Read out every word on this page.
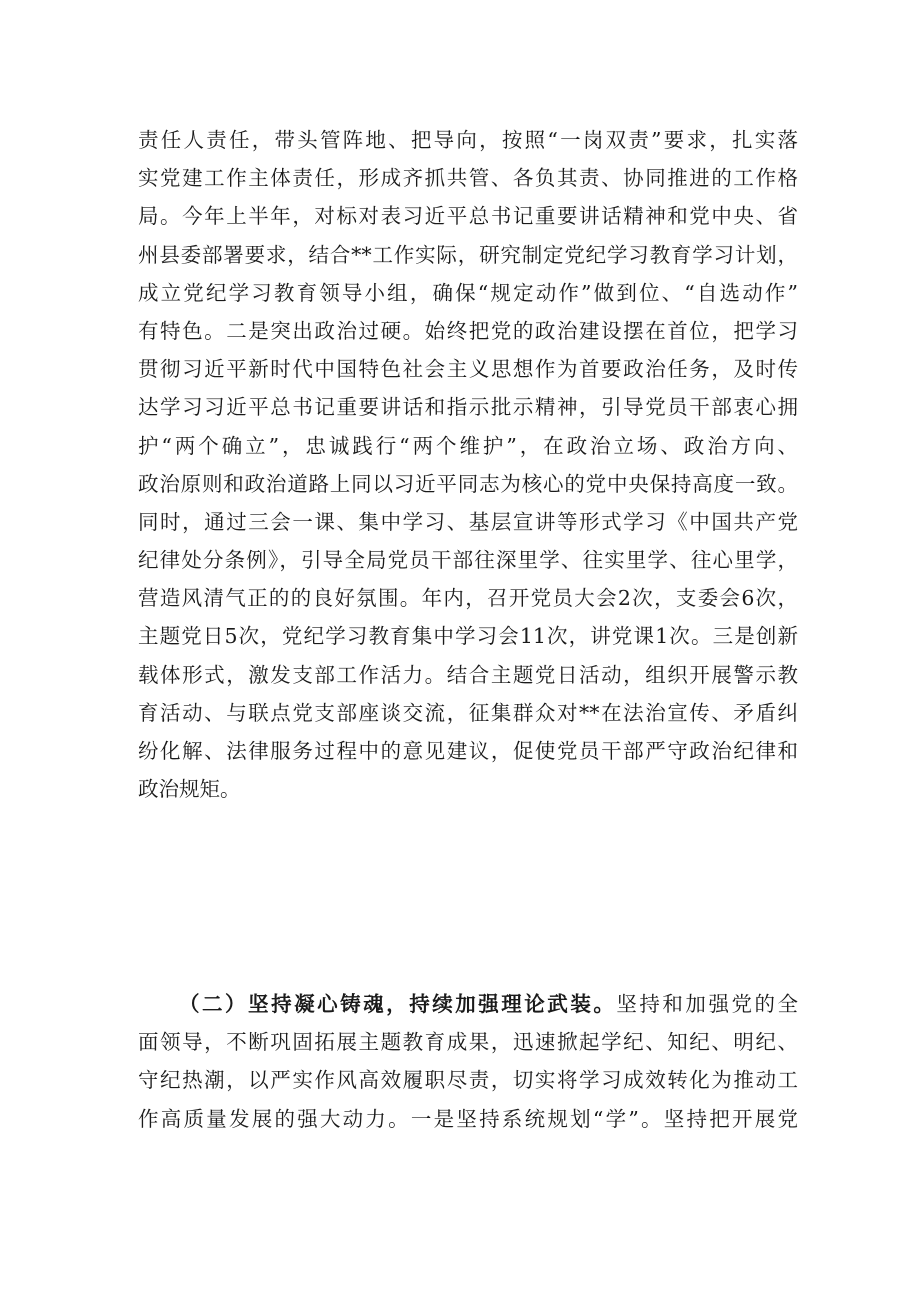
责任人责任，带头管阵地、把导向，按照“一岗双责”要求，扎实落
实党建工作主体责任，形成齐抓共管、各负其责、协同推进的工作格
局。今年上半年，对标对表习近平总书记重要讲话精神和党中央、省
州县委部署要求，结合**工作实际，研究制定党纪学习教育学习计划，
成立党纪学习教育领导小组，确保“规定动作”做到位、“自选动作”
有特色。二是突出政治过硬。始终把党的政治建设摆在首位，把学习
贯彻习近平新时代中国特色社会主义思想作为首要政治任务，及时传
达学习习近平总书记重要讲话和指示批示精神，引导党员干部衷心拥
护“两个确立”，忠诚践行“两个维护”，在政治立场、政治方向、
政治原则和政治道路上同以习近平同志为核心的党中央保持高度一致。
同时，通过三会一课、集中学习、基层宣讲等形式学习《中国共产党
纪律处分条例》，引导全局党员干部往深里学、往实里学、往心里学，
营造风清气正的的良好氛围。年内，召开党员大会2次，支委会6次，
主题党日5次，党纪学习教育集中学习会11次，讲党课1次。三是创新
载体形式，激发支部工作活力。结合主题党日活动，组织开展警示教
育活动、与联点党支部座谈交流，征集群众对**在法治宣传、矛盾纠
纷化解、法律服务过程中的意见建议，促使党员干部严守政治纪律和
政治规矩。
（二）坚持凝心铸魂，持续加强理论武装。坚持和加强党的全
面领导，不断巩固拓展主题教育成果，迅速掀起学纪、知纪、明纪、
守纪热潮，以严实作风高效履职尽责，切实将学习成效转化为推动工
作高质量发展的强大动力。一是坚持系统规划“学”。坚持把开展党
